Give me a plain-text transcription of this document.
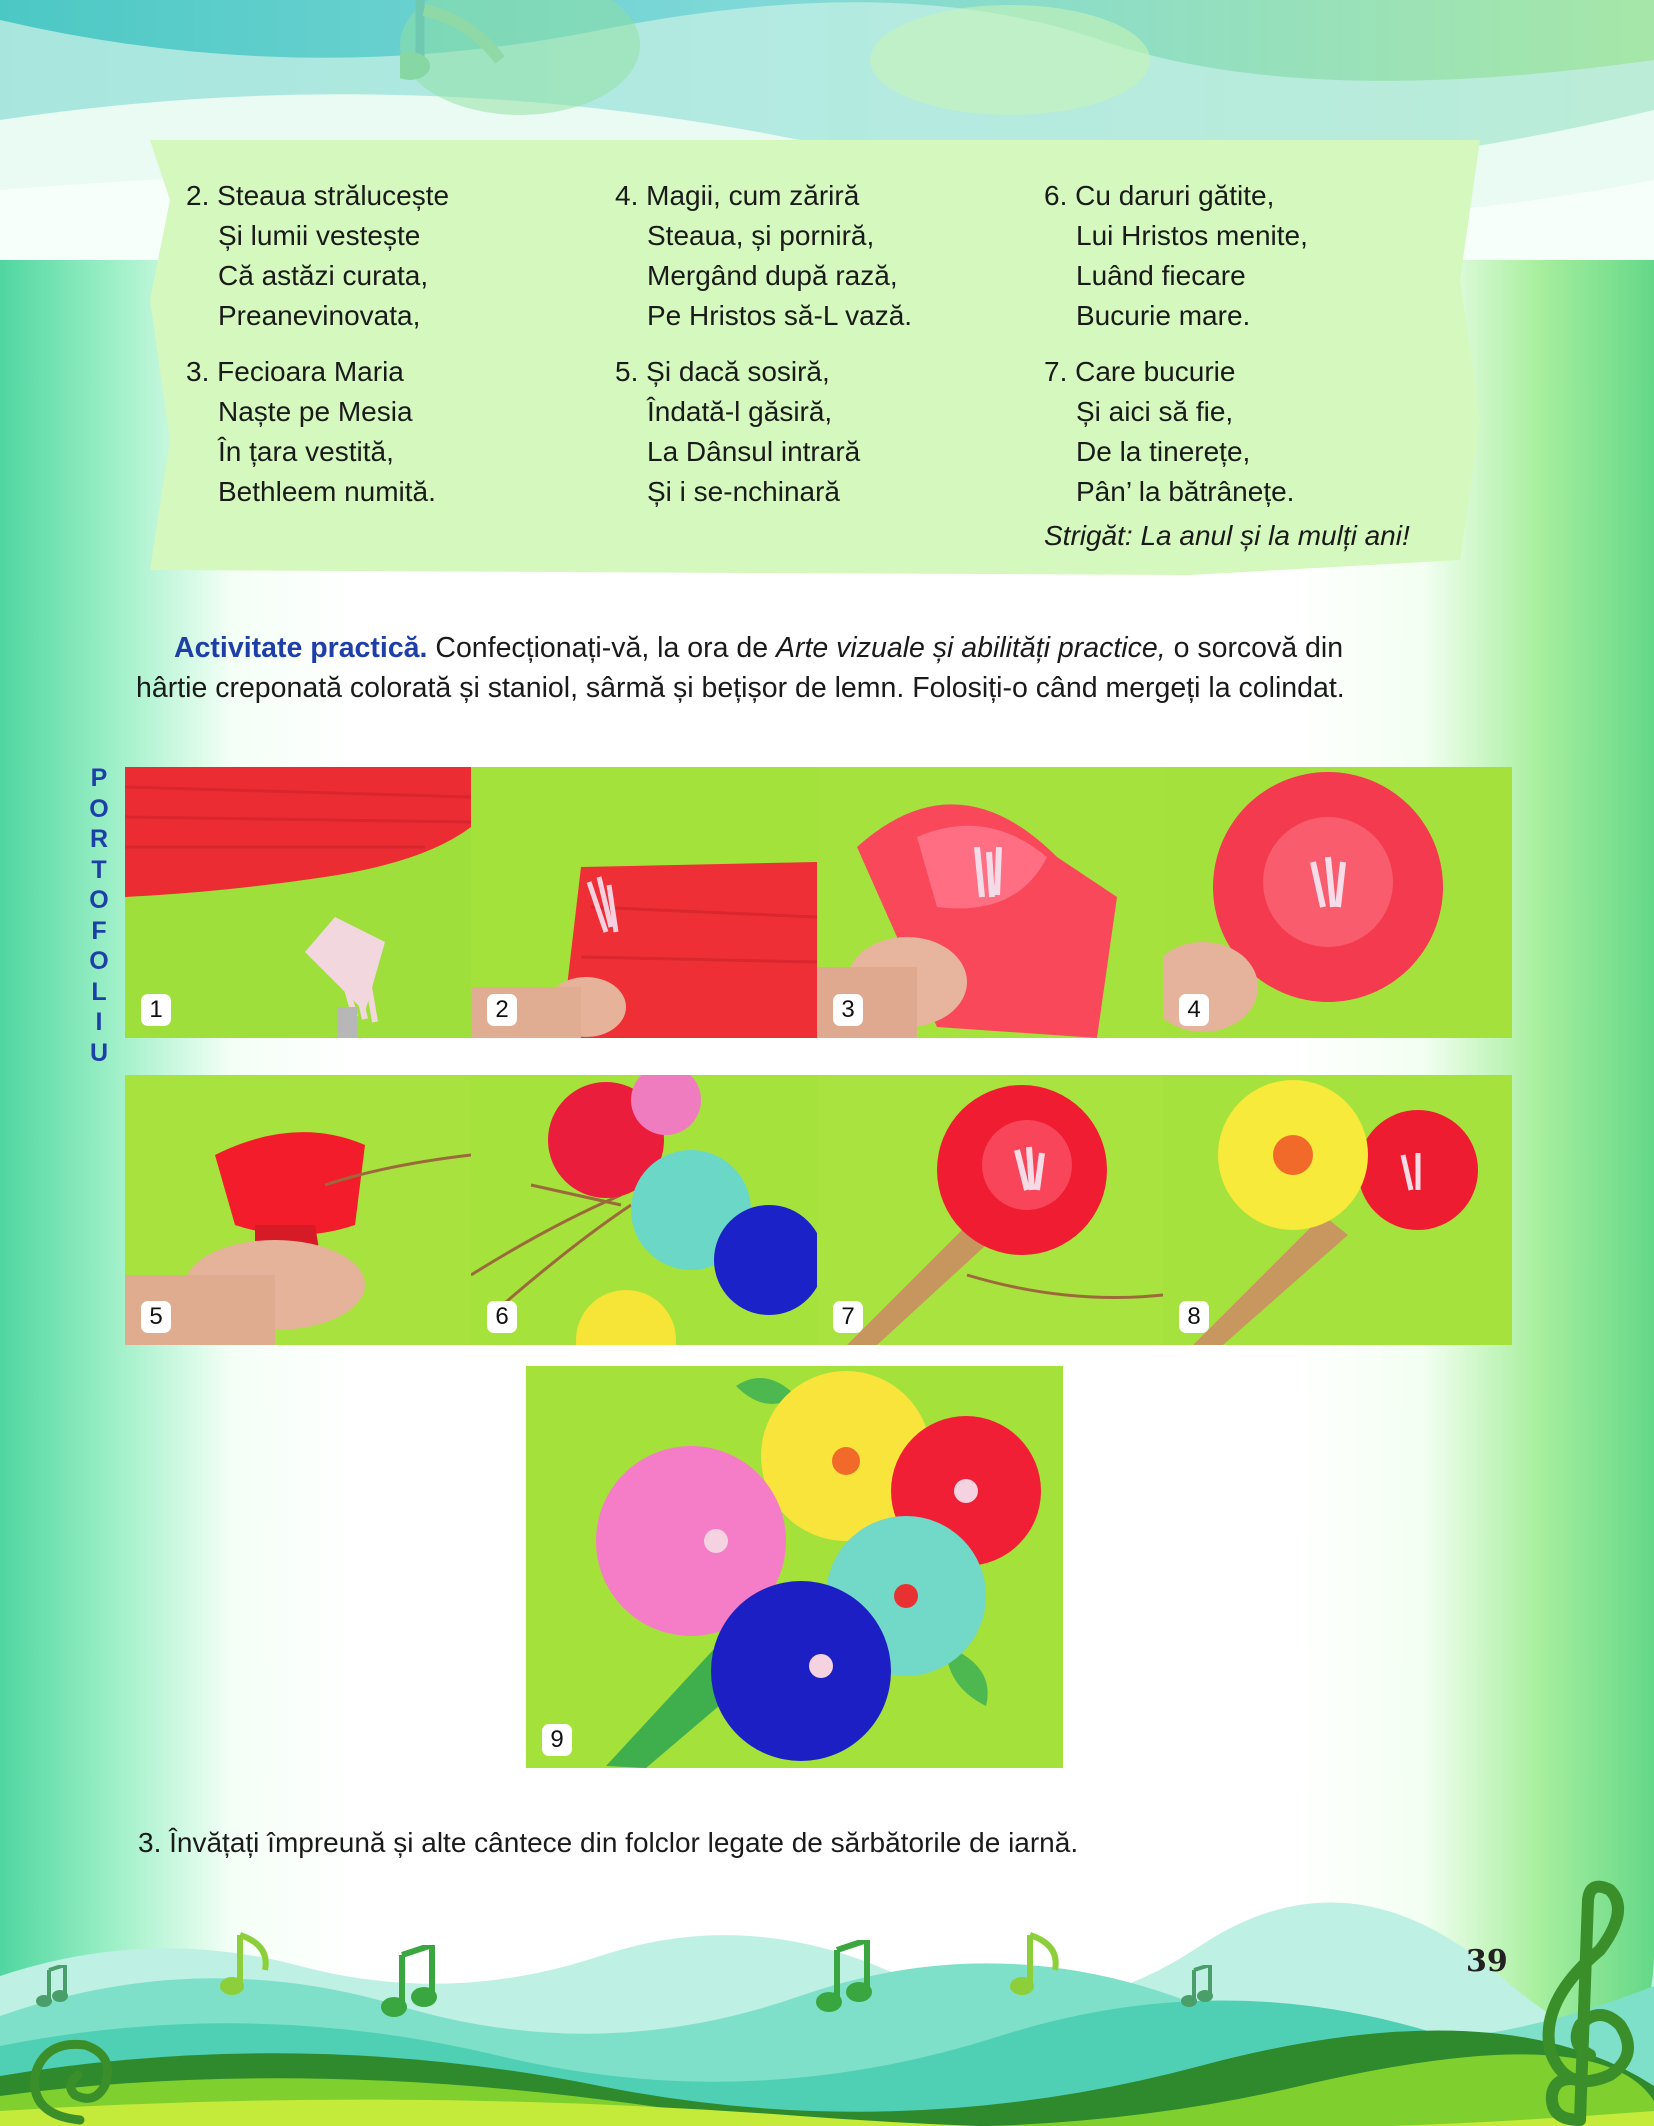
2. Steaua strălucește
Și lumii vestește
Că astăzi curata,
Preanevinovata,
3. Fecioara Maria
Naște pe Mesia
În țara vestită,
Bethleem numită.
4. Magii, cum zăriră
Steaua, și porniră,
Mergând după rază,
Pe Hristos să-L vază.
5. Și dacă sosiră,
Îndată-l găsiră,
La Dânsul intrară
Și i se-nchinară
6. Cu daruri gătite,
Lui Hristos menite,
Luând fiecare
Bucurie mare.
7. Care bucurie
Și aici să fie,
De la tinerețe,
Pân’ la bătrânețe.
Strigăt: La anul și la mulți ani!
Activitate practică. Confecționați-vă, la ora de Arte vizuale și abilități practice, o sorcovă din
hârtie creponată colorată și staniol, sârmă și bețișor de lemn. Folosiți-o când mergeți la colindat.
P
O
R
T
O
F
O
L
I
U
1	2	3	4
5	6	7	8
9
3. Învățați împreună și alte cântece din folclor legate de sărbătorile de iarnă.
39
